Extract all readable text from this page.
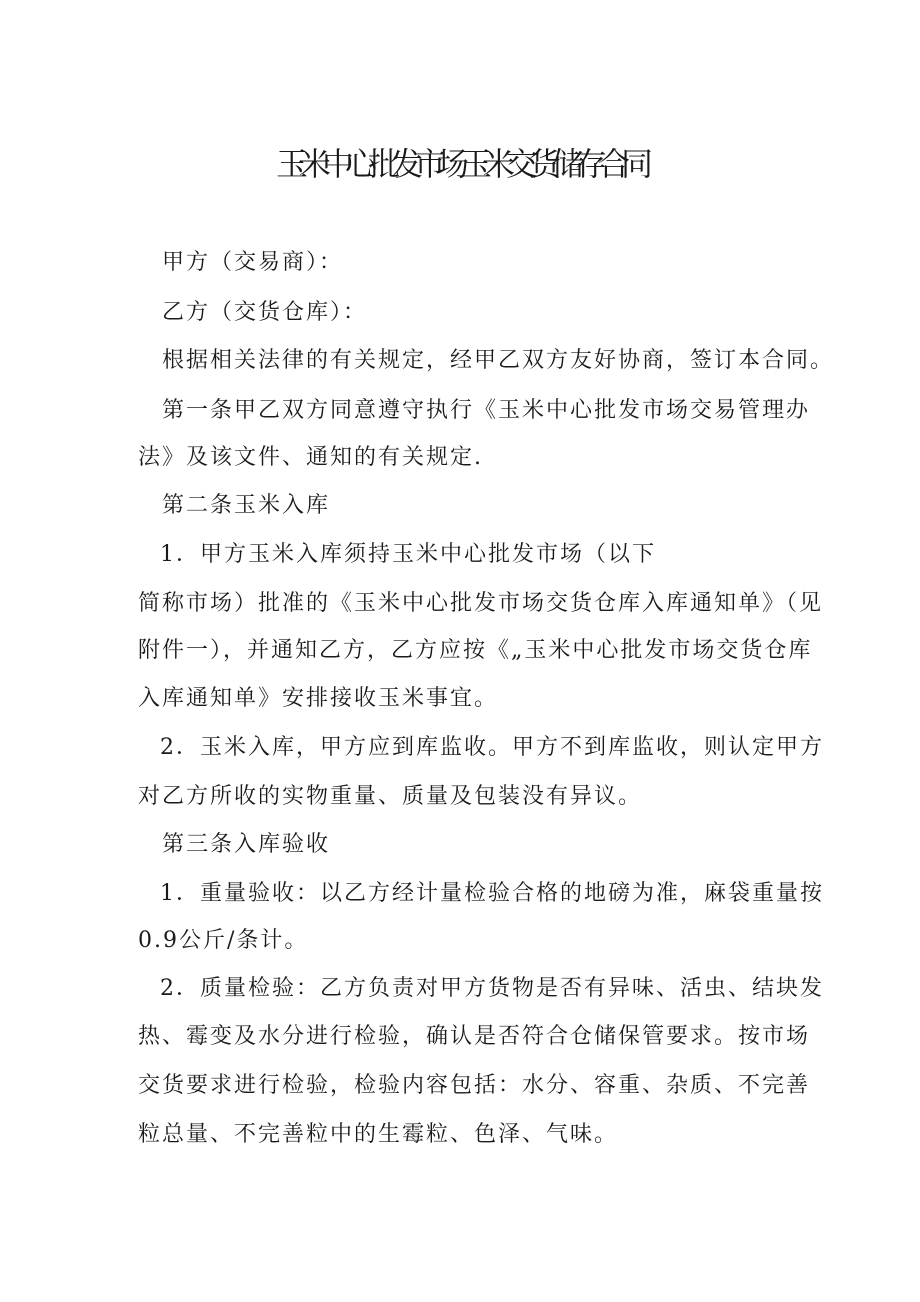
玉米中心批发市场玉米交货储存合同
甲方（交易商）：
乙方（交货仓库）：
根据相关法律的有关规定，经甲乙双方友好协商，签订本合同。
第一条甲乙双方同意遵守执行《玉米中心批发市场交易管理办
法》及该文件、通知的有关规定.
第二条玉米入库
1．甲方玉米入库须持玉米中心批发市场（以下
简称市场）批准的《玉米中心批发市场交货仓库入库通知单》（见
附件一），并通知乙方，乙方应按《„玉米中心批发市场交货仓库
入库通知单》安排接收玉米事宜。
2．玉米入库，甲方应到库监收。甲方不到库监收，则认定甲方
对乙方所收的实物重量、质量及包装没有异议。
第三条入库验收
1．重量验收：以乙方经计量检验合格的地磅为准，麻袋重量按
0.9公斤/条计。
2．质量检验：乙方负责对甲方货物是否有异味、活虫、结块发
热、霉变及水分进行检验，确认是否符合仓储保管要求。按市场
交货要求进行检验，检验内容包括：水分、容重、杂质、不完善
粒总量、不完善粒中的生霉粒、色泽、气味。
